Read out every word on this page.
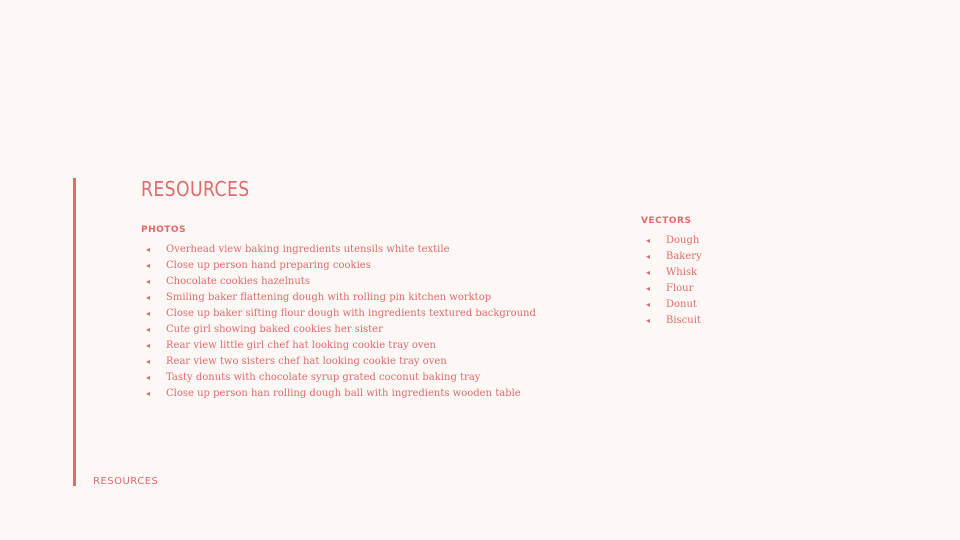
RESOURCES
PHOTOS
◂ Overhead view baking ingredients utensils white textile
◂ Close up person hand preparing cookies
◂ Chocolate cookies hazelnuts
◂ Smiling baker flattening dough with rolling pin kitchen worktop
◂ Close up baker sifting flour dough with ingredients textured background
◂ Cute girl showing baked cookies her sister
◂ Rear view little girl chef hat looking cookie tray oven
◂ Rear view two sisters chef hat looking cookie tray oven
◂ Tasty donuts with chocolate syrup grated coconut baking tray
◂ Close up person han rolling dough ball with ingredients wooden table
VECTORS
◂ Dough
◂ Bakery
◂ Whisk
◂ Flour
◂ Donut
◂ Biscuit
RESOURCES
